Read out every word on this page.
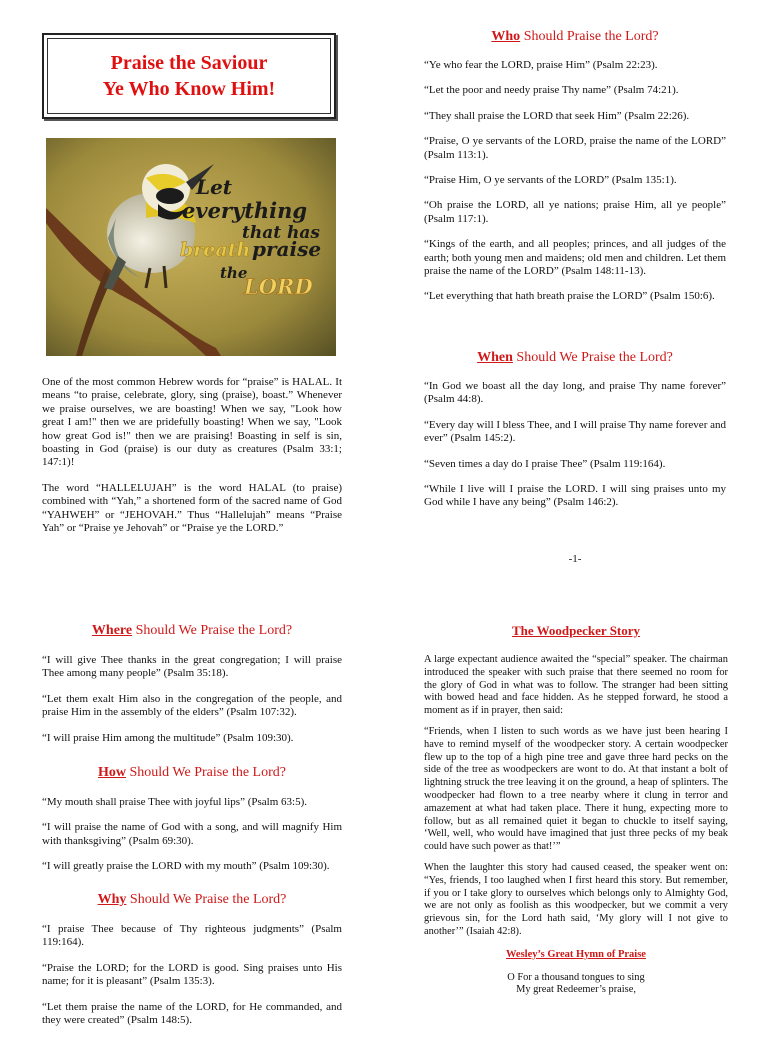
Praise the Saviour
Ye Who Know Him!
Let
everything
that has
breath praise
the
LORD

One of the most common Hebrew words for “praise” is HALAL. It means “to praise, celebrate, glory, sing (praise), boast.” Whenever we praise ourselves, we are boasting! When we say, "Look how great I am!" then we are pridefully boasting! When we say, "Look how great God is!" then we are praising! Boasting in self is sin, boasting in God (praise) is our duty as creatures (Psalm 33:1; 147:1)!

The word “HALLELUJAH” is the word HALAL (to praise) combined with “Yah,” a shortened form of the sacred name of God “YAHWEH” or “JEHOVAH.” Thus “Hallelujah” means “Praise Yah” or “Praise ye Jehovah” or “Praise ye the LORD.”

Who Should Praise the Lord?

“Ye who fear the LORD, praise Him” (Psalm 22:23).

“Let the poor and needy praise Thy name” (Psalm 74:21).

“They shall praise the LORD that seek Him” (Psalm 22:26).

“Praise, O ye servants of the LORD, praise the name of the LORD” (Psalm 113:1).

“Praise Him, O ye servants of the LORD” (Psalm 135:1).

“Oh praise the LORD, all ye nations; praise Him, all ye people” (Psalm 117:1).

“Kings of the earth, and all peoples; princes, and all judges of the earth; both young men and maidens; old men and children. Let them praise the name of the LORD” (Psalm 148:11-13).

“Let everything that hath breath praise the LORD” (Psalm 150:6).

When Should We Praise the Lord?

“In God we boast all the day long, and praise Thy name forever” (Psalm 44:8).

“Every day will I bless Thee, and I will praise Thy name forever and ever” (Psalm 145:2).

“Seven times a day do I praise Thee” (Psalm 119:164).

“While I live will I praise the LORD. I will sing praises unto my God while I have any being” (Psalm 146:2).

-1-
Where Should We Praise the Lord?

“I will give Thee thanks in the great congregation; I will praise Thee among many people” (Psalm 35:18).

“Let them exalt Him also in the congregation of the people, and praise Him in the assembly of the elders” (Psalm 107:32).

“I will praise Him among the multitude” (Psalm 109:30).

How Should We Praise the Lord?

“My mouth shall praise Thee with joyful lips” (Psalm 63:5).

“I will praise the name of God with a song, and will magnify Him with thanksgiving” (Psalm 69:30).

“I will greatly praise the LORD with my mouth” (Psalm 109:30).

Why Should We Praise the Lord?

“I praise Thee because of Thy righteous judgments” (Psalm 119:164).

“Praise the LORD; for the LORD is good. Sing praises unto His name; for it is pleasant” (Psalm 135:3).

“Let them praise the name of the LORD, for He commanded, and they were created” (Psalm 148:5).

The Woodpecker Story

A large expectant audience awaited the “special” speaker. The chairman introduced the speaker with such praise that there seemed no room for the glory of God in what was to follow. The stranger had been sitting with bowed head and face hidden. As he stepped forward, he stood a moment as if in prayer, then said:

“Friends, when I listen to such words as we have just been hearing I have to remind myself of the woodpecker story. A certain woodpecker flew up to the top of a high pine tree and gave three hard pecks on the side of the tree as woodpeckers are wont to do. At that instant a bolt of lightning struck the tree leaving it on the ground, a heap of splinters. The woodpecker had flown to a tree nearby where it clung in terror and amazement at what had taken place. There it hung, expecting more to follow, but as all remained quiet it began to chuckle to itself saying, ‘Well, well, who would have imagined that just three pecks of my beak could have such power as that!’”

When the laughter this story had caused ceased, the speaker went on: “Yes, friends, I too laughed when I first heard this story. But remember, if you or I take glory to ourselves which belongs only to Almighty God, we are not only as foolish as this woodpecker, but we commit a very grievous sin, for the Lord hath said, ‘My glory will I not give to another’” (Isaiah 42:8).

Wesley’s Great Hymn of Praise
O For a thousand tongues to sing
My great Redeemer’s praise,
